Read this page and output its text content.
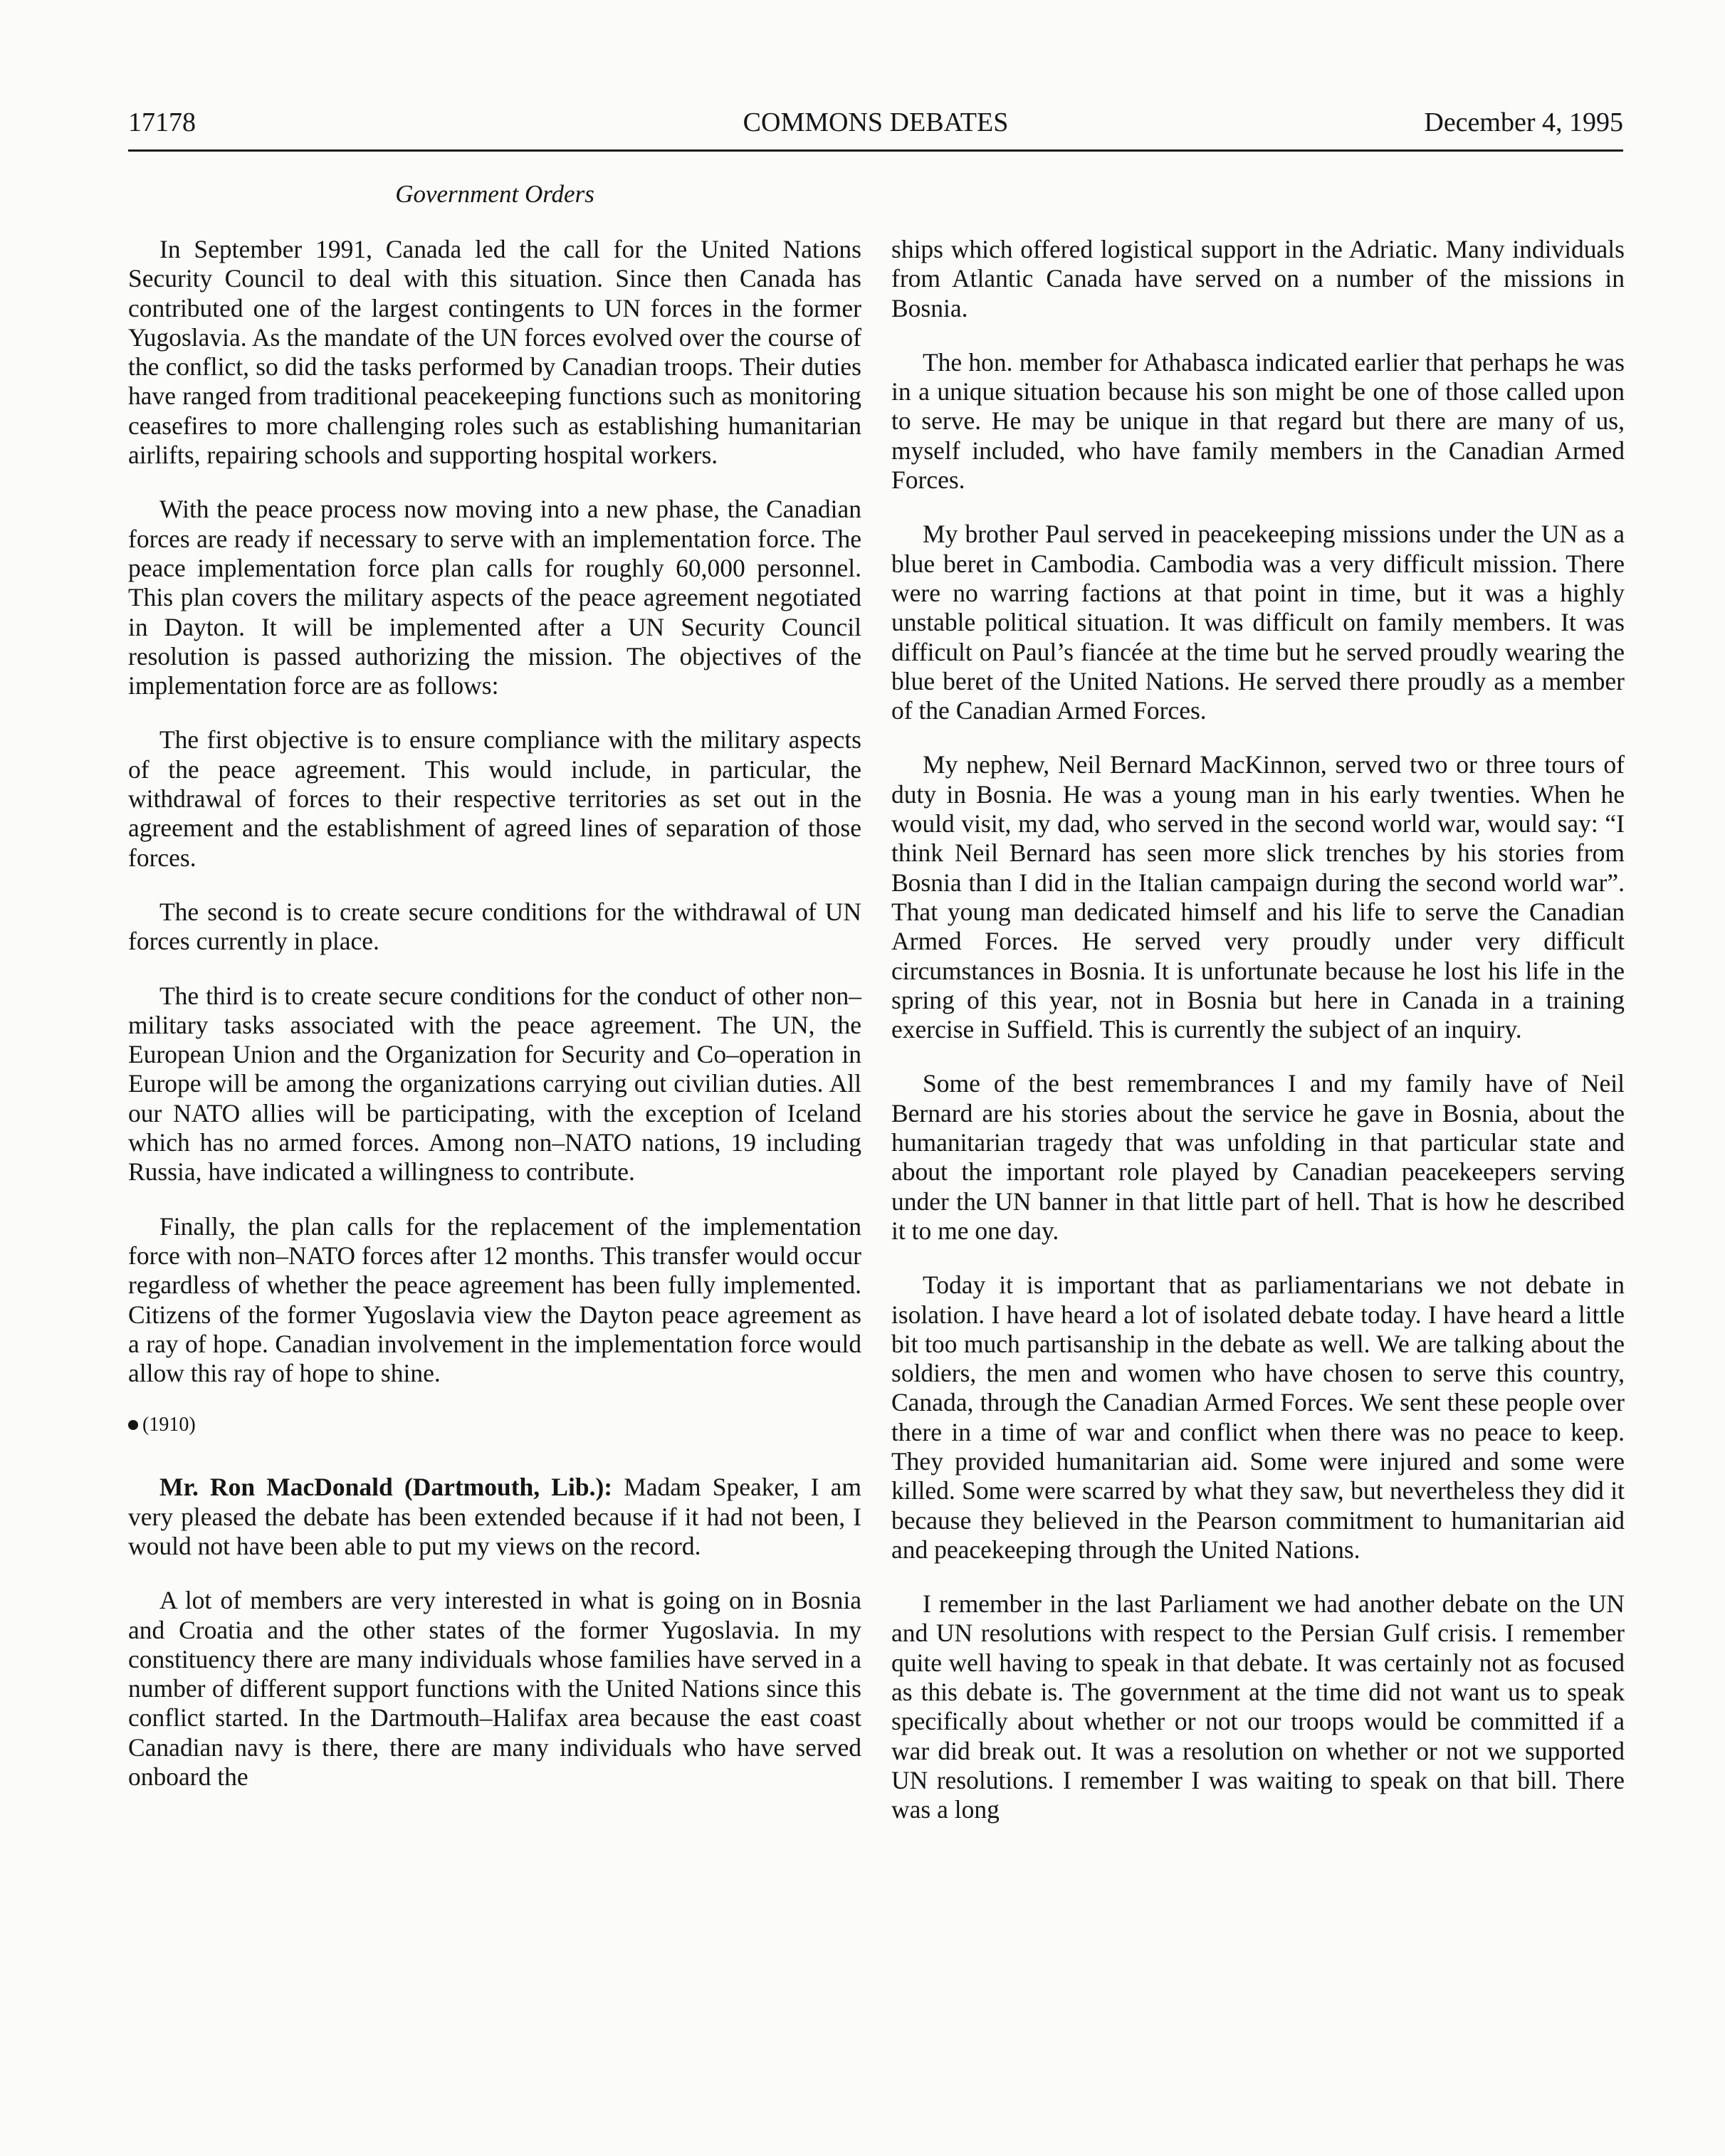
17178	COMMONS DEBATES	December 4, 1995
Government Orders

In September 1991, Canada led the call for the United Nations Security Council to deal with this situation. Since then Canada has contributed one of the largest contingents to UN forces in the former Yugoslavia. As the mandate of the UN forces evolved over the course of the conflict, so did the tasks performed by Canadian troops. Their duties have ranged from traditional peacekeeping functions such as monitoring ceasefires to more challenging roles such as establishing humanitarian airlifts, repairing schools and supporting hospital workers.

With the peace process now moving into a new phase, the Canadian forces are ready if necessary to serve with an implementation force. The peace implementation force plan calls for roughly 60,000 personnel. This plan covers the military aspects of the peace agreement negotiated in Dayton. It will be implemented after a UN Security Council resolution is passed authorizing the mission. The objectives of the implementation force are as follows:

The first objective is to ensure compliance with the military aspects of the peace agreement. This would include, in particular, the withdrawal of forces to their respective territories as set out in the agreement and the establishment of agreed lines of separation of those forces.

The second is to create secure conditions for the withdrawal of UN forces currently in place.

The third is to create secure conditions for the conduct of other non–military tasks associated with the peace agreement. The UN, the European Union and the Organization for Security and Co–operation in Europe will be among the organizations carrying out civilian duties. All our NATO allies will be participating, with the exception of Iceland which has no armed forces. Among non–NATO nations, 19 including Russia, have indicated a willingness to contribute.

Finally, the plan calls for the replacement of the implementation force with non–NATO forces after 12 months. This transfer would occur regardless of whether the peace agreement has been fully implemented. Citizens of the former Yugoslavia view the Dayton peace agreement as a ray of hope. Canadian involvement in the implementation force would allow this ray of hope to shine.

(1910)

Mr. Ron MacDonald (Dartmouth, Lib.): Madam Speaker, I am very pleased the debate has been extended because if it had not been, I would not have been able to put my views on the record.

A lot of members are very interested in what is going on in Bosnia and Croatia and the other states of the former Yugoslavia. In my constituency there are many individuals whose families have served in a number of different support functions with the United Nations since this conflict started. In the Dartmouth–Halifax area because the east coast Canadian navy is there, there are many individuals who have served onboard the

ships which offered logistical support in the Adriatic. Many individuals from Atlantic Canada have served on a number of the missions in Bosnia.

The hon. member for Athabasca indicated earlier that perhaps he was in a unique situation because his son might be one of those called upon to serve. He may be unique in that regard but there are many of us, myself included, who have family members in the Canadian Armed Forces.

My brother Paul served in peacekeeping missions under the UN as a blue beret in Cambodia. Cambodia was a very difficult mission. There were no warring factions at that point in time, but it was a highly unstable political situation. It was difficult on family members. It was difficult on Paul’s fiancée at the time but he served proudly wearing the blue beret of the United Nations. He served there proudly as a member of the Canadian Armed Forces.

My nephew, Neil Bernard MacKinnon, served two or three tours of duty in Bosnia. He was a young man in his early twenties. When he would visit, my dad, who served in the second world war, would say: “I think Neil Bernard has seen more slick trenches by his stories from Bosnia than I did in the Italian campaign during the second world war”. That young man dedicated himself and his life to serve the Canadian Armed Forces. He served very proudly under very difficult circumstances in Bosnia. It is unfortunate because he lost his life in the spring of this year, not in Bosnia but here in Canada in a training exercise in Suffield. This is currently the subject of an inquiry.

Some of the best remembrances I and my family have of Neil Bernard are his stories about the service he gave in Bosnia, about the humanitarian tragedy that was unfolding in that particular state and about the important role played by Canadian peacekeepers serving under the UN banner in that little part of hell. That is how he described it to me one day.

Today it is important that as parliamentarians we not debate in isolation. I have heard a lot of isolated debate today. I have heard a little bit too much partisanship in the debate as well. We are talking about the soldiers, the men and women who have chosen to serve this country, Canada, through the Canadian Armed Forces. We sent these people over there in a time of war and conflict when there was no peace to keep. They provided humanitarian aid. Some were injured and some were killed. Some were scarred by what they saw, but nevertheless they did it because they believed in the Pearson commitment to humanitarian aid and peacekeeping through the United Nations.

I remember in the last Parliament we had another debate on the UN and UN resolutions with respect to the Persian Gulf crisis. I remember quite well having to speak in that debate. It was certainly not as focused as this debate is. The government at the time did not want us to speak specifically about whether or not our troops would be committed if a war did break out. It was a resolution on whether or not we supported UN resolutions. I remember I was waiting to speak on that bill. There was a long
